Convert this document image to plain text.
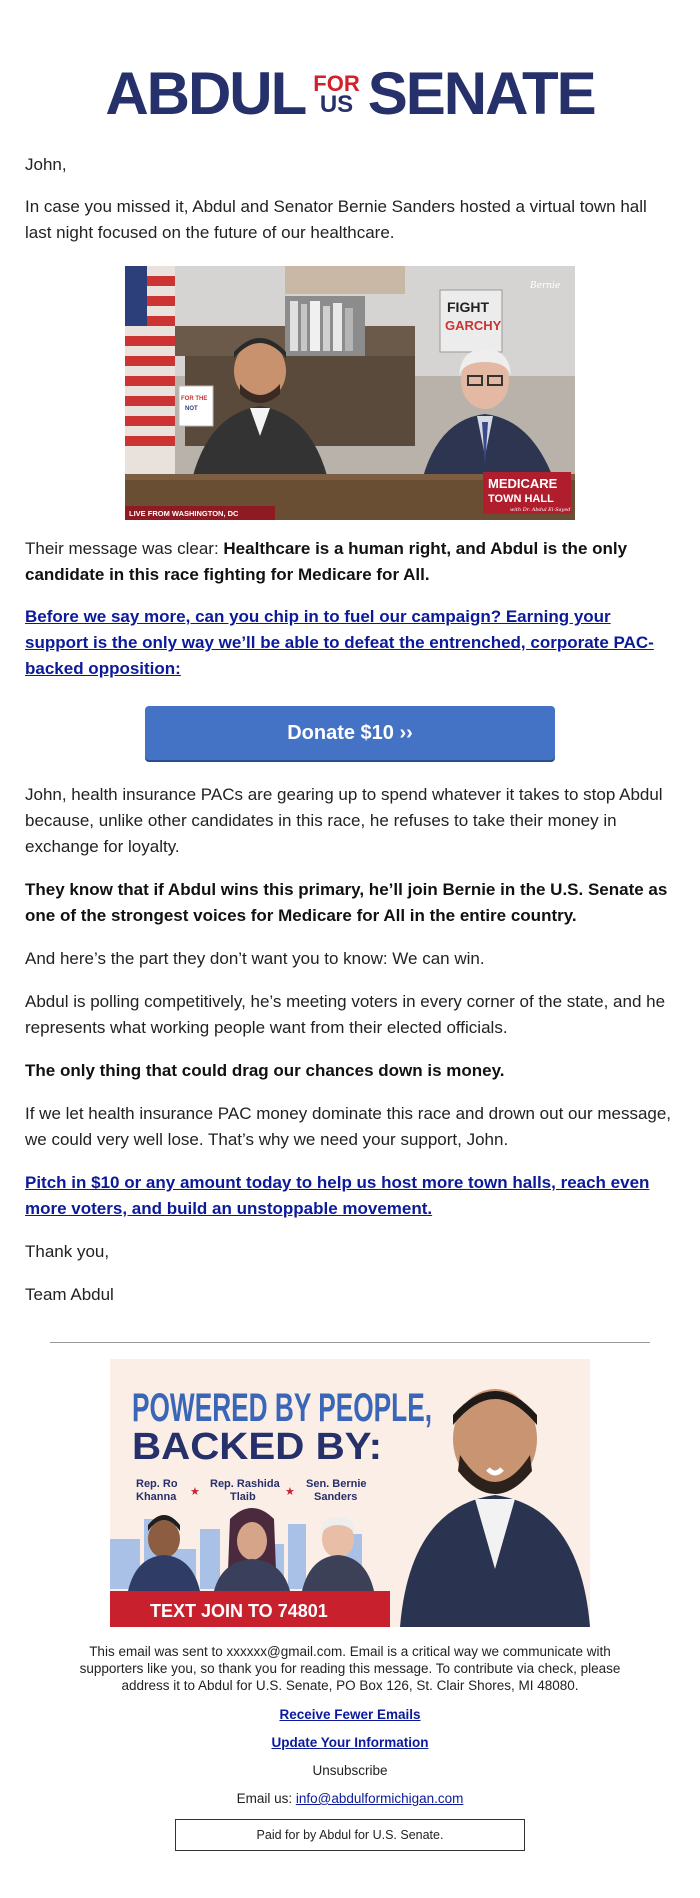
ABDUL FOR
US SENATE

John,

In case you missed it, Abdul and Senator Bernie Sanders hosted a virtual town hall last night focused on the future of our healthcare.

FOR THE
NOT
FIGHT
GARCHY
Bernie
MEDICARE
TOWN HALL
with Dr. Abdul El-Sayed
LIVE FROM WASHINGTON, DC

Their message was clear: Healthcare is a human right, and Abdul is the only candidate in this race fighting for Medicare for All.

Before we say more, can you chip in to fuel our campaign? Earning your support is the only way we’ll be able to defeat the entrenched, corporate PAC-backed opposition:

Donate $10 ››

John, health insurance PACs are gearing up to spend whatever it takes to stop Abdul because, unlike other candidates in this race, he refuses to take their money in exchange for loyalty.

They know that if Abdul wins this primary, he’ll join Bernie in the U.S. Senate as one of the strongest voices for Medicare for All in the entire country.

And here’s the part they don’t want you to know: We can win.

Abdul is polling competitively, he’s meeting voters in every corner of the state, and he represents what working people want from their elected officials.

The only thing that could drag our chances down is money.

If we let health insurance PAC money dominate this race and drown out our message, we could very well lose. That’s why we need your support, John.

Pitch in $10 or any amount today to help us host more town halls, reach even more voters, and build an unstoppable movement.

Thank you,

Team Abdul

POWERED BY PEOPLE,
BACKED BY:
Rep. Ro
Khanna ★
Rep. Rashida
Tlaib	★
Sen. Bernie
Sanders
TEXT JOIN TO 74801

This email was sent to xxxxxx@gmail.com. Email is a critical way we communicate with supporters like you, so thank you for reading this message. To contribute via check, please address it to Abdul for U.S. Senate, PO Box 126, St. Clair Shores, MI 48080.

Receive Fewer Emails

Update Your Information

Unsubscribe

Email us: info@abdulformichigan.com

Paid for by Abdul for U.S. Senate.
